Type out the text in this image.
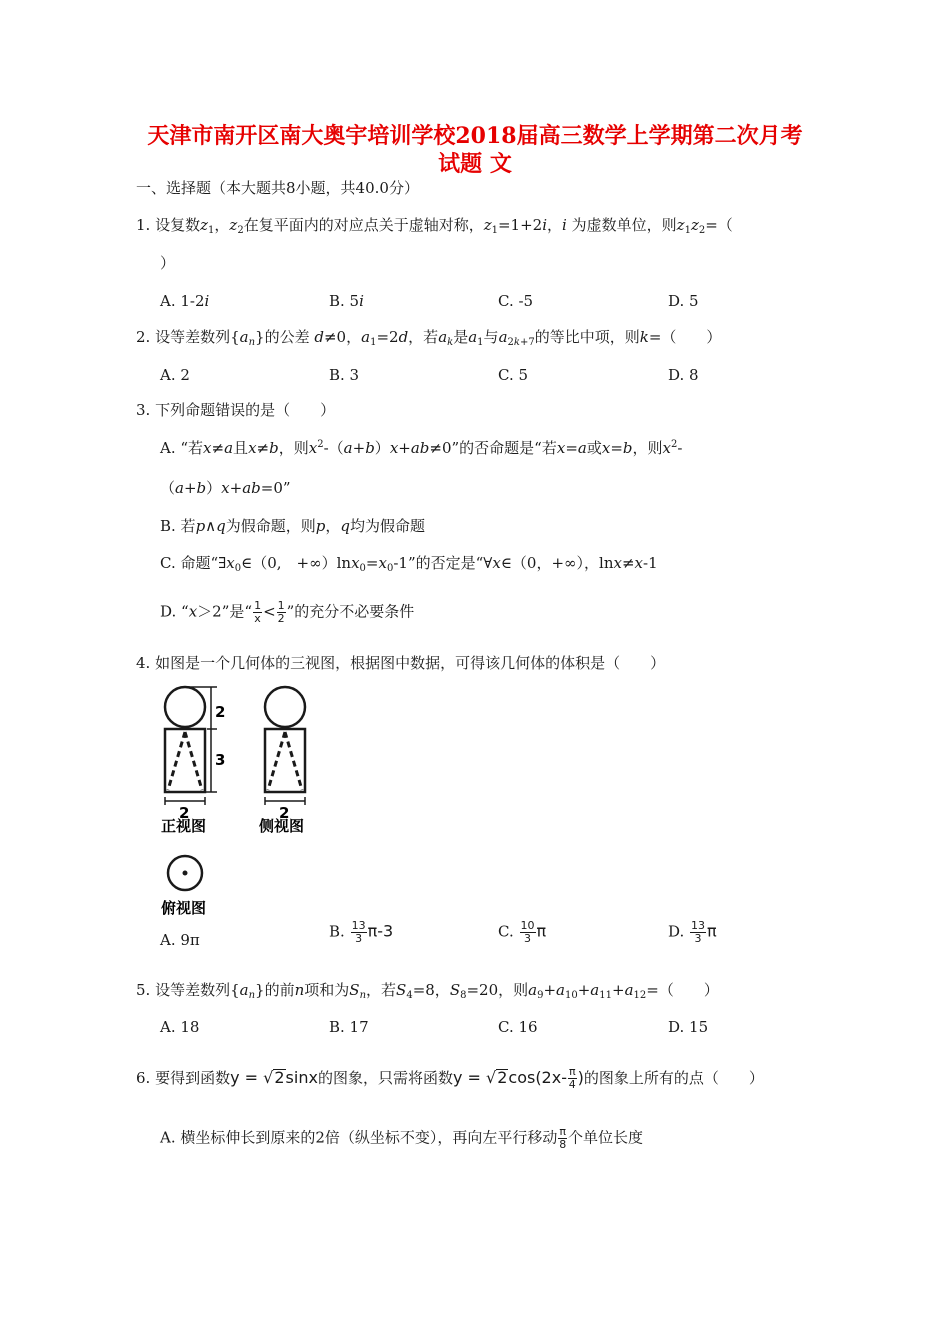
天津市南开区南大奥宇培训学校2018届高三数学上学期第二次月考
试题 文
一、选择题（本大题共8小题，共40.0分）
1. 设复数$z_1$，$z_2$在复平面内的对应点关于虚轴对称，$z_1=1+2i$，i 为虚数单位，则$z_1z_2=$（
）
A. 1-2i	B. 5i	C. -5	D. 5
2. 设等差数列$\{a_n\}$的公差 d≠0，$a_1=2d$，若$a_k$是$a_1$与$a_{2k+7}$的等比中项，则k=（　　）
A. 2	B. 3	C. 5	D. 8
3. 下列命题错误的是（　　）
A. “若x≠a且x≠b，则$x^2-(a+b)x+ab\ne 0$”的否命题是“若x=a或x=b，则$x^2-$
（a+b）x+ab=0”
B. 若p∧q为假命题，则p，q均为假命题
C. 命题“$\exists x_0\in(0$,　$+\infty)\ln x_0=x_0-1$”的否定是“∀x∈（0，+∞），lnx≠x-1
D. “x＞2”是“ $\frac{1}{x} < \frac{1}{2}$ ”的充分不必要条件
4. 如图是一个几何体的三视图，根据图中数据，可得该几何体的体积是（　　）
2
3
2
正视图
2
侧视图
俯视图
A. 9π	B. $\frac{13}{3} \pi-3$	C. $\frac{10}{3}$ π	D. $\frac{13}{3}$ π
5. 设等差数列$\{a_n\}$的前n项和为$S_n$，若$S_4=8$，$S_8=20$，则$a_9+a_{10}+a_{11}+a_{12}=$（　　）
A. 18	B. 17	C. 16	D. 15
6. 要得到函数y = √2sinx的图象，只需将函数$y = √2\cos(2x- \frac{\pi}{4}$ )的图象上所有的点（　　）
A. 横坐标伸长到原来的2倍（纵坐标不变），再向左平行移动 $\frac{\pi}{8}$ 个单位长度
